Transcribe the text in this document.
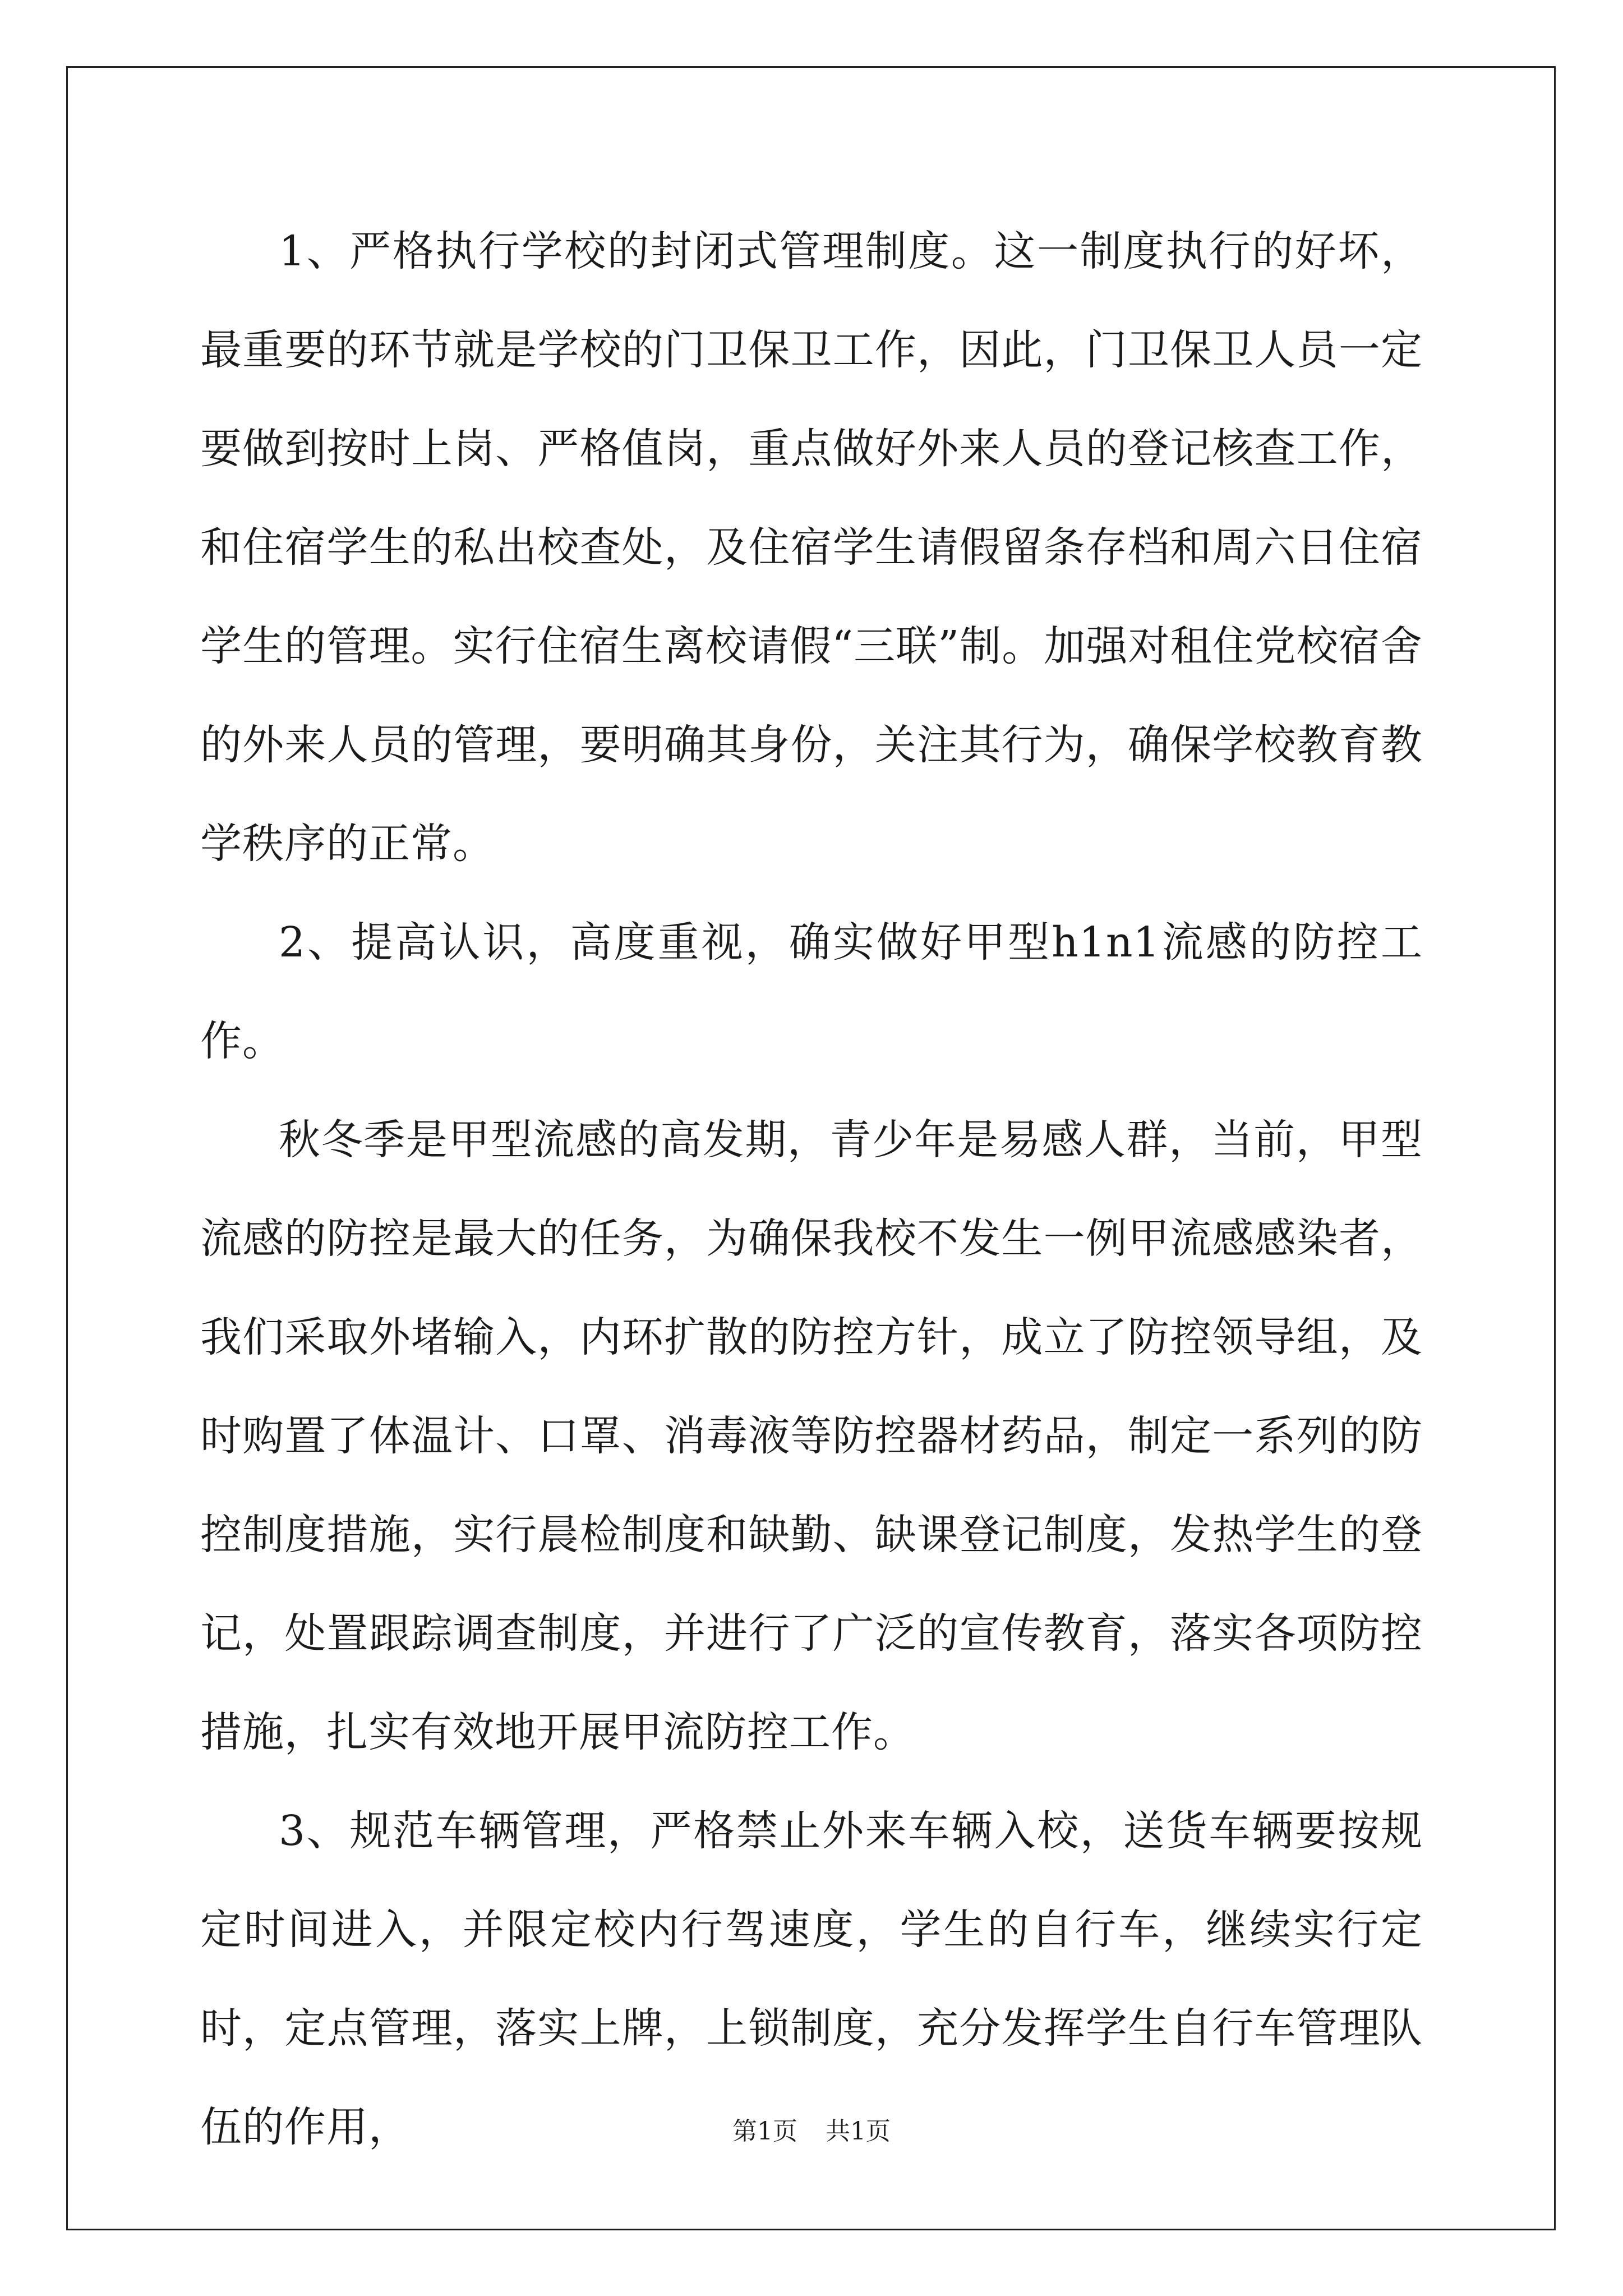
1、严格执行学校的封闭式管理制度。这一制度执行的好坏，最重要的环节就是学校的门卫保卫工作，因此，门卫保卫人员一定要做到按时上岗、严格值岗，重点做好外来人员的登记核查工作，和住宿学生的私出校查处，及住宿学生请假留条存档和周六日住宿学生的管理。实行住宿生离校请假“三联”制。加强对租住党校宿舍的外来人员的管理，要明确其身份，关注其行为，确保学校教育教学秩序的正常。

2、提高认识，高度重视，确实做好甲型h1n1流感的防控工作。

秋冬季是甲型流感的高发期，青少年是易感人群，当前，甲型流感的防控是最大的任务，为确保我校不发生一例甲流感感染者，我们采取外堵输入，内环扩散的防控方针，成立了防控领导组，及时购置了体温计、口罩、消毒液等防控器材药品，制定一系列的防控制度措施，实行晨检制度和缺勤、缺课登记制度，发热学生的登记，处置跟踪调查制度，并进行了广泛的宣传教育，落实各项防控措施，扎实有效地开展甲流防控工作。

3、规范车辆管理，严格禁止外来车辆入校，送货车辆要按规定时间进入，并限定校内行驾速度，学生的自行车，继续实行定时，定点管理，落实上牌，上锁制度，充分发挥学生自行车管理队伍的作用，	第1页 共1页
